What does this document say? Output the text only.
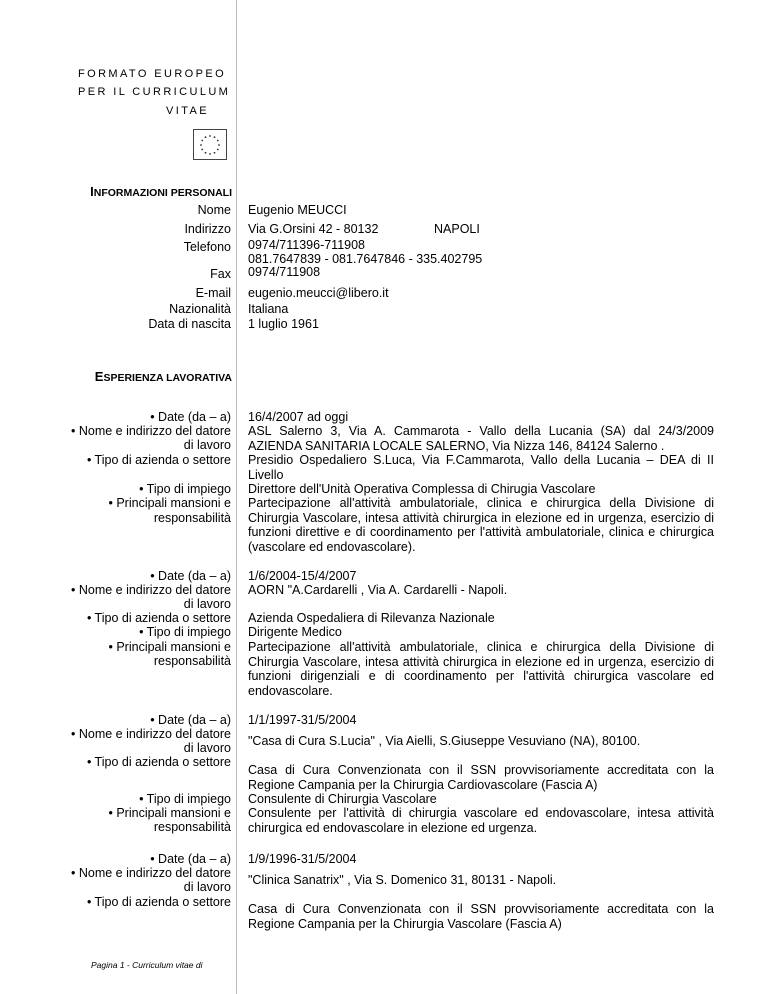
FORMATO EUROPEO
PER IL CURRICULUM
VITAE
INFORMAZIONI PERSONALI
Nome Eugenio MEUCCI
Indirizzo Via G.Orsini 42 - 80132	NAPOLI
Telefono 0974/711396-711908
081.7647839 - 081.7647846 - 335.402795
Fax 0974/711908
E-mail eugenio.meucci@libero.it
Nazionalità Italiana
Data di nascita 1 luglio 1961
ESPERIENZA LAVORATIVA
• Date (da – a)
• Nome e indirizzo del datore
di lavoro
• Tipo di azienda o settore
• Tipo di impiego
• Principali mansioni e
responsabilità
16/4/2007 ad oggi
ASL Salerno 3, Via A. Cammarota - Vallo della Lucania (SA) dal 24/3/2009 AZIENDA SANITARIA LOCALE SALERNO, Via Nizza 146, 84124 Salerno .
Presidio Ospedaliero S.Luca, Via F.Cammarota, Vallo della Lucania – DEA di II Livello
Direttore dell'Unità Operativa Complessa di Chirugia Vascolare
Partecipazione all'attività ambulatoriale, clinica e chirurgica della Divisione di Chirurgia Vascolare, intesa attività chirurgica in elezione ed in urgenza, esercizio di funzioni direttive e di coordinamento per l'attività ambulatoriale, clinica e chirurgica (vascolare ed endovascolare).
• Date (da – a)
• Nome e indirizzo del datore
di lavoro
• Tipo di azienda o settore
• Tipo di impiego
• Principali mansioni e
responsabilità
1/6/2004-15/4/2007
AORN "A.Cardarelli , Via A. Cardarelli - Napoli.
Azienda Ospedaliera di Rilevanza Nazionale
Dirigente Medico
Partecipazione all'attività ambulatoriale, clinica e chirurgica della Divisione di Chirurgia Vascolare, intesa attività chirurgica in elezione ed in urgenza, esercizio di funzioni dirigenziali e di coordinamento per l'attività chirurgica vascolare ed endovascolare.
• Date (da – a)
• Nome e indirizzo del datore
di lavoro
• Tipo di azienda o settore
• Tipo di impiego
• Principali mansioni e
responsabilità
1/1/1997-31/5/2004
"Casa di Cura S.Lucia" , Via Aielli, S.Giuseppe Vesuviano (NA), 80100.
Casa di Cura Convenzionata con il SSN provvisoriamente accreditata con la Regione Campania per la Chirurgia Cardiovascolare (Fascia A)
Consulente di Chirurgia Vascolare
Consulente per l'attività di chirurgia vascolare ed endovascolare, intesa attività chirurgica ed endovascolare in elezione ed urgenza.
• Date (da – a)
• Nome e indirizzo del datore
di lavoro
• Tipo di azienda o settore
1/9/1996-31/5/2004
"Clinica Sanatrix" , Via S. Domenico 31, 80131 - Napoli.
Casa di Cura Convenzionata con il SSN provvisoriamente accreditata con la Regione Campania per la Chirurgia Vascolare (Fascia A)
Pagina 1 - Curriculum vitae di
